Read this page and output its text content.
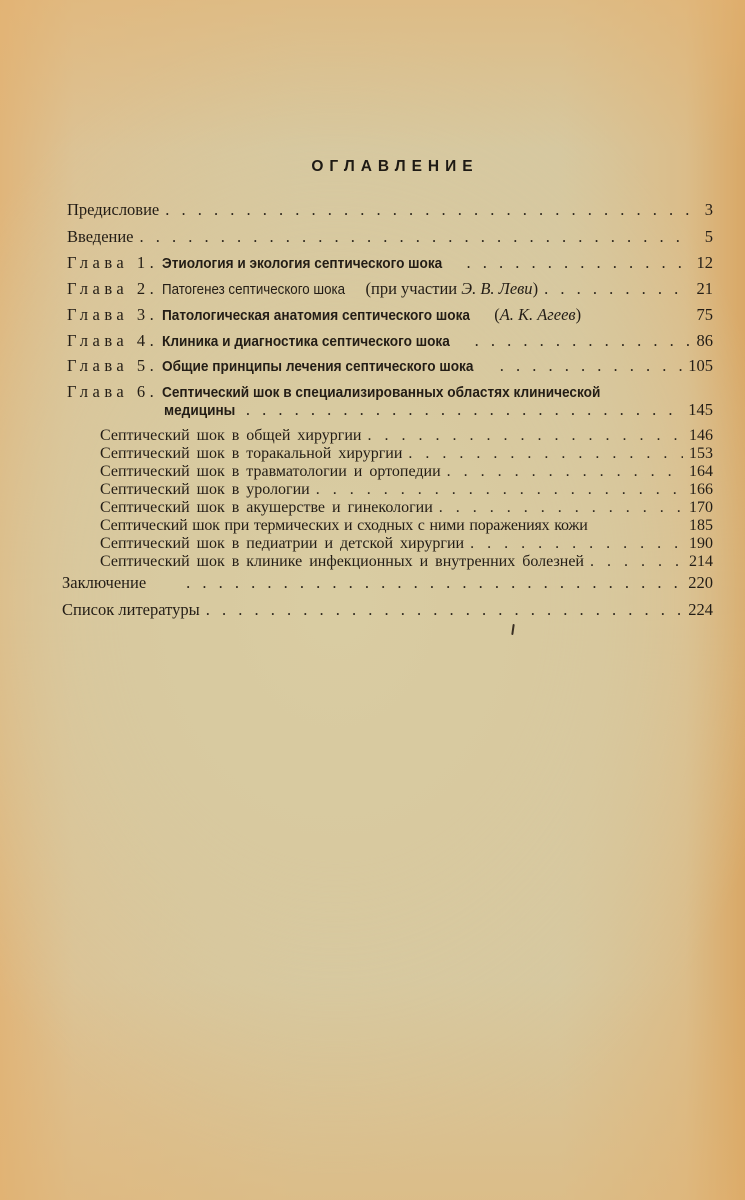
ОГЛАВЛЕНИЕ
Предисловие . . .	3
Введение . . .	5
Глава 1. Этиология и экология септического шока . . .	12
Глава 2. Патогенез септического шока (при участии Э. В. Леви) . . .	21
Глава 3. Патологическая анатомия септического шока (А. К. Агеев)	75
Глава 4. Клиника и диагностика септического шока . . .	86
Глава 5. Общие принципы лечения септического шока . . .	105
Глава 6. Септический шок в специализированных областях клинической
медицины . . .	145
Септический шок в общей хирургии . . .	146
Септический шок в торакальной хирургии . . .	153
Септический шок в травматологии и ортопедии . . .	164
Септический шок в урологии . . .	166
Септический шок в акушерстве и гинекологии . . .	170
Септический шок при термических и сходных с ними поражениях кожи	185
Септический шок в педиатрии и детской хирургии . . .	190
Септический шок в клинике инфекционных и внутренних болезней . . .	214
Заключение . . .	220
Список литературы . . .	224
